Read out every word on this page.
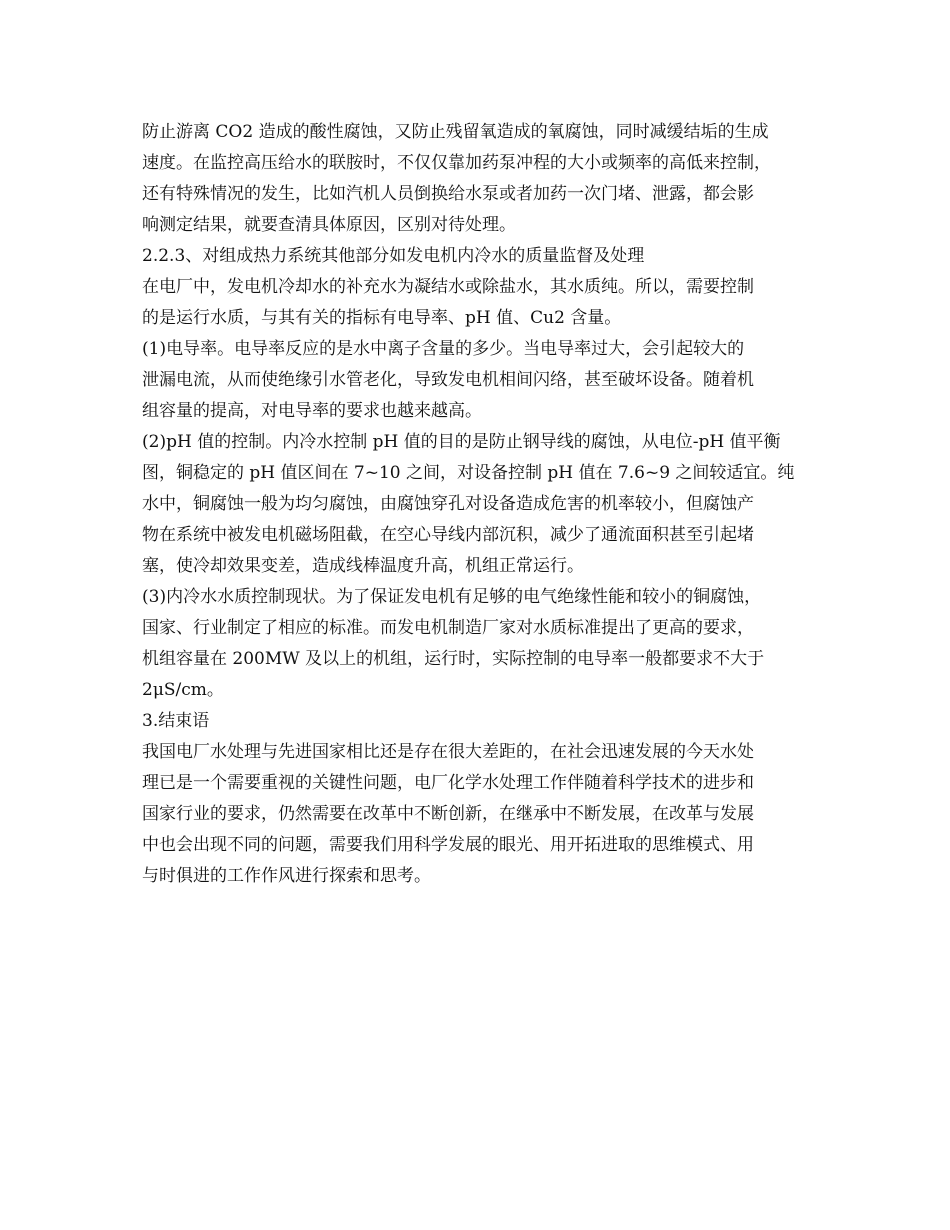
防止游离 CO2 造成的酸性腐蚀，又防止残留氧造成的氧腐蚀，同时减缓结垢的生成
速度。在监控高压给水的联胺时，不仅仅靠加药泵冲程的大小或频率的高低来控制，
还有特殊情况的发生，比如汽机人员倒换给水泵或者加药一次门堵、泄露，都会影
响测定结果，就要查清具体原因，区别对待处理。
2.2.3、对组成热力系统其他部分如发电机内冷水的质量监督及处理
在电厂中，发电机冷却水的补充水为凝结水或除盐水，其水质纯。所以，需要控制
的是运行水质，与其有关的指标有电导率、pH 值、Cu2 含量。
(1)电导率。电导率反应的是水中离子含量的多少。当电导率过大，会引起较大的
泄漏电流，从而使绝缘引水管老化，导致发电机相间闪络，甚至破坏设备。随着机
组容量的提高，对电导率的要求也越来越高。
(2)pH 值的控制。内冷水控制 pH 值的目的是防止钢导线的腐蚀，从电位-pH 值平衡
图，铜稳定的 pH 值区间在 7~10 之间，对设备控制 pH 值在 7.6~9 之间较适宜。纯
水中，铜腐蚀一般为均匀腐蚀，由腐蚀穿孔对设备造成危害的机率较小，但腐蚀产
物在系统中被发电机磁场阻截，在空心导线内部沉积，减少了通流面积甚至引起堵
塞，使冷却效果变差，造成线棒温度升高，机组正常运行。
(3)内冷水水质控制现状。为了保证发电机有足够的电气绝缘性能和较小的铜腐蚀，
国家、行业制定了相应的标准。而发电机制造厂家对水质标准提出了更高的要求，
机组容量在 200MW 及以上的机组，运行时，实际控制的电导率一般都要求不大于
2μS/cm。
3.结束语
我国电厂水处理与先进国家相比还是存在很大差距的，在社会迅速发展的今天水处
理已是一个需要重视的关键性问题，电厂化学水处理工作伴随着科学技术的进步和
国家行业的要求，仍然需要在改革中不断创新，在继承中不断发展，在改革与发展
中也会出现不同的问题，需要我们用科学发展的眼光、用开拓进取的思维模式、用
与时俱进的工作作风进行探索和思考。
